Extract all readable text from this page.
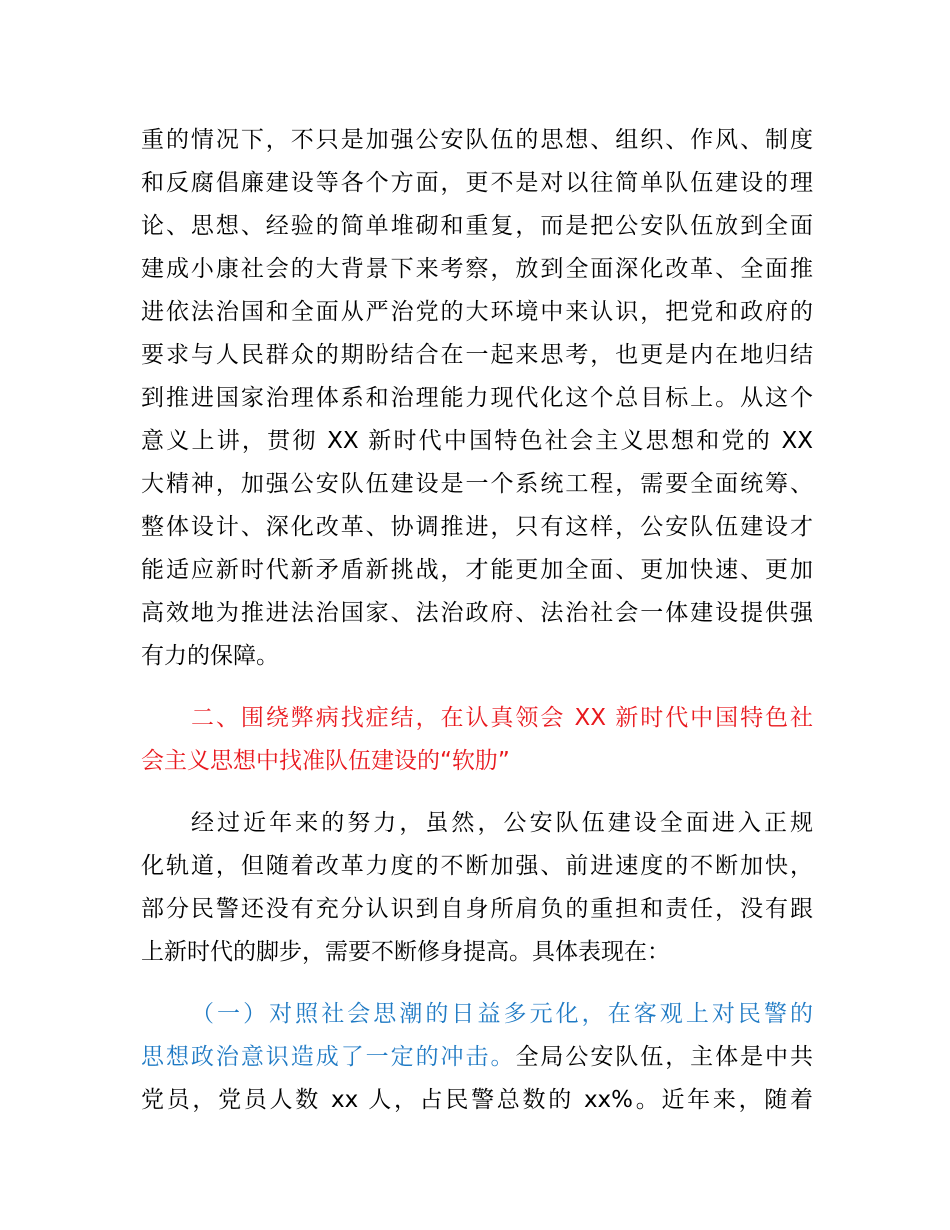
重的情况下，不只是加强公安队伍的思想、组织、作风、制度
和反腐倡廉建设等各个方面，更不是对以往简单队伍建设的理
论、思想、经验的简单堆砌和重复，而是把公安队伍放到全面
建成小康社会的大背景下来考察，放到全面深化改革、全面推
进依法治国和全面从严治党的大环境中来认识，把党和政府的
要求与人民群众的期盼结合在一起来思考，也更是内在地归结
到推进国家治理体系和治理能力现代化这个总目标上。从这个
意义上讲，贯彻 XX 新时代中国特色社会主义思想和党的 XX
大精神，加强公安队伍建设是一个系统工程，需要全面统筹、
整体设计、深化改革、协调推进，只有这样，公安队伍建设才
能适应新时代新矛盾新挑战，才能更加全面、更加快速、更加
高效地为推进法治国家、法治政府、法治社会一体建设提供强
有力的保障。
二、围绕弊病找症结，在认真领会 XX 新时代中国特色社
会主义思想中找准队伍建设的“软肋”
经过近年来的努力，虽然，公安队伍建设全面进入正规
化轨道，但随着改革力度的不断加强、前进速度的不断加快，
部分民警还没有充分认识到自身所肩负的重担和责任，没有跟
上新时代的脚步，需要不断修身提高。具体表现在：
（一）对照社会思潮的日益多元化，在客观上对民警的
思想政治意识造成了一定的冲击。全局公安队伍，主体是中共
党员，党员人数 xx 人，占民警总数的 xx%。近年来，随着
